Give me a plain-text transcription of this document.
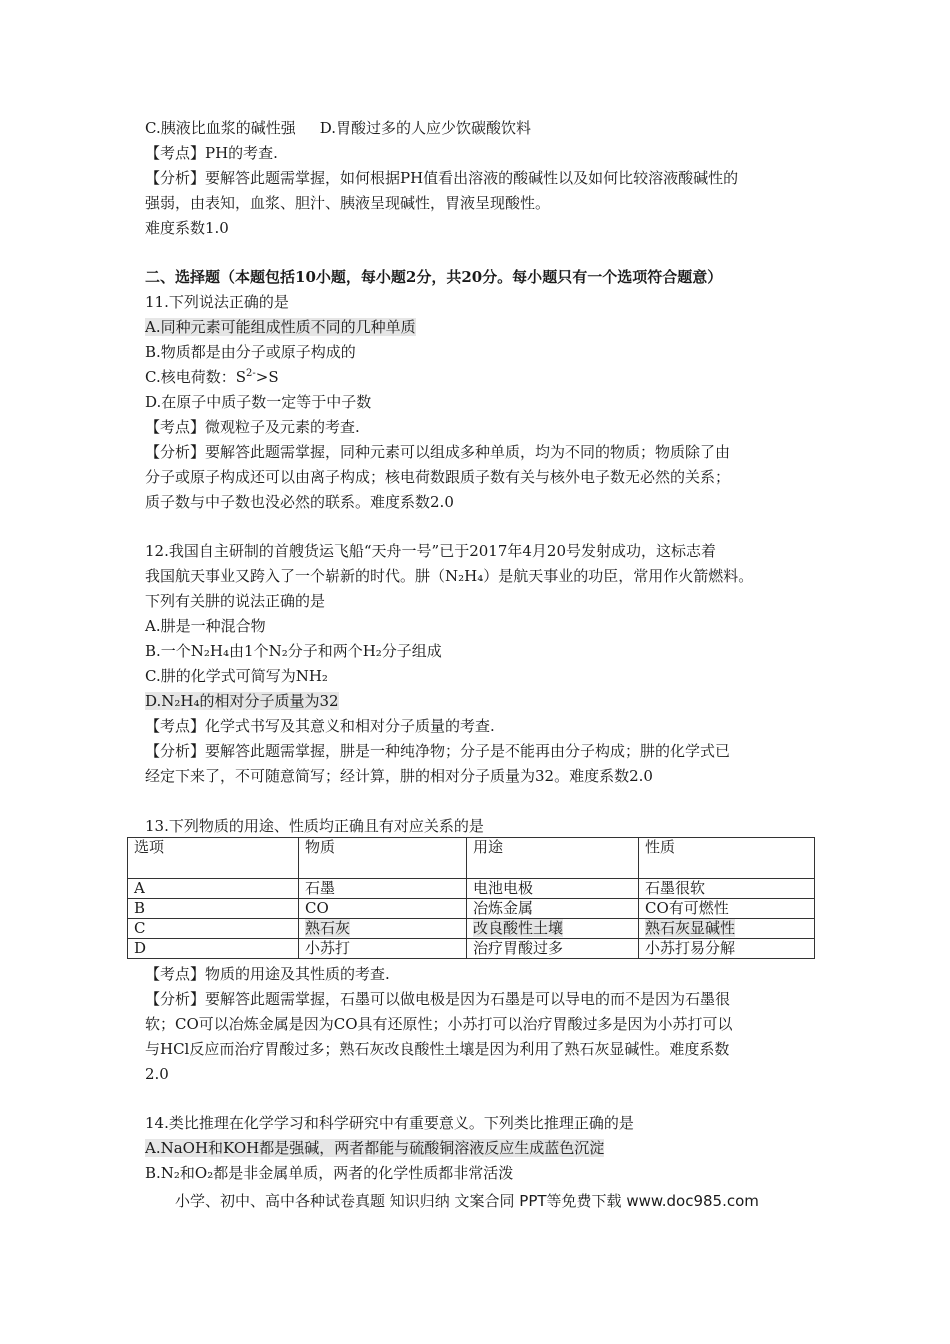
C.胰液比血浆的碱性强 D.胃酸过多的人应少饮碳酸饮料
【考点】PH的考查.
【分析】要解答此题需掌握，如何根据PH值看出溶液的酸碱性以及如何比较溶液酸碱性的
强弱，由表知，血浆、胆汁、胰液呈现碱性，胃液呈现酸性。
难度系数1.0
二、选择题（本题包括10小题，每小题2分，共20分。每小题只有一个选项符合题意）
11.下列说法正确的是
A.同种元素可能组成性质不同的几种单质
B.物质都是由分子或原子构成的
C.核电荷数：$S^{2-}>S$
D.在原子中质子数一定等于中子数
【考点】微观粒子及元素的考查.
【分析】要解答此题需掌握，同种元素可以组成多种单质，均为不同的物质；物质除了由
分子或原子构成还可以由离子构成；核电荷数跟质子数有关与核外电子数无必然的关系；
质子数与中子数也没必然的联系。难度系数2.0
12.我国自主研制的首艘货运飞船“天舟一号”已于2017年4月20号发射成功，这标志着
我国航天事业又跨入了一个崭新的时代。肼（N₂H₄）是航天事业的功臣，常用作火箭燃料。
下列有关肼的说法正确的是
A.肼是一种混合物
B.一个N₂H₄由1个N₂分子和两个H₂分子组成
C.肼的化学式可简写为NH₂
D.N₂H₄的相对分子质量为32
【考点】化学式书写及其意义和相对分子质量的考查.
【分析】要解答此题需掌握，肼是一种纯净物；分子是不能再由分子构成；肼的化学式已
经定下来了，不可随意简写；经计算，肼的相对分子质量为32。难度系数2.0
13.下列物质的用途、性质均正确且有对应关系的是
选项	物质	用途	性质
A	石墨	电池电极	石墨很软
B	CO	冶炼金属	CO有可燃性
C	熟石灰	改良酸性土壤	熟石灰显碱性
D	小苏打	治疗胃酸过多	小苏打易分解
【考点】物质的用途及其性质的考查.
【分析】要解答此题需掌握，石墨可以做电极是因为石墨是可以导电的而不是因为石墨很
软；CO可以冶炼金属是因为CO具有还原性；小苏打可以治疗胃酸过多是因为小苏打可以
与HCl反应而治疗胃酸过多；熟石灰改良酸性土壤是因为利用了熟石灰显碱性。难度系数
2.0
14.类比推理在化学学习和科学研究中有重要意义。下列类比推理正确的是
A.NaOH和KOH都是强碱，两者都能与硫酸铜溶液反应生成蓝色沉淀
B.N₂和O₂都是非金属单质，两者的化学性质都非常活泼
小学、初中、高中各种试卷真题 知识归纳 文案合同 PPT等免费下载 www.doc985.com
